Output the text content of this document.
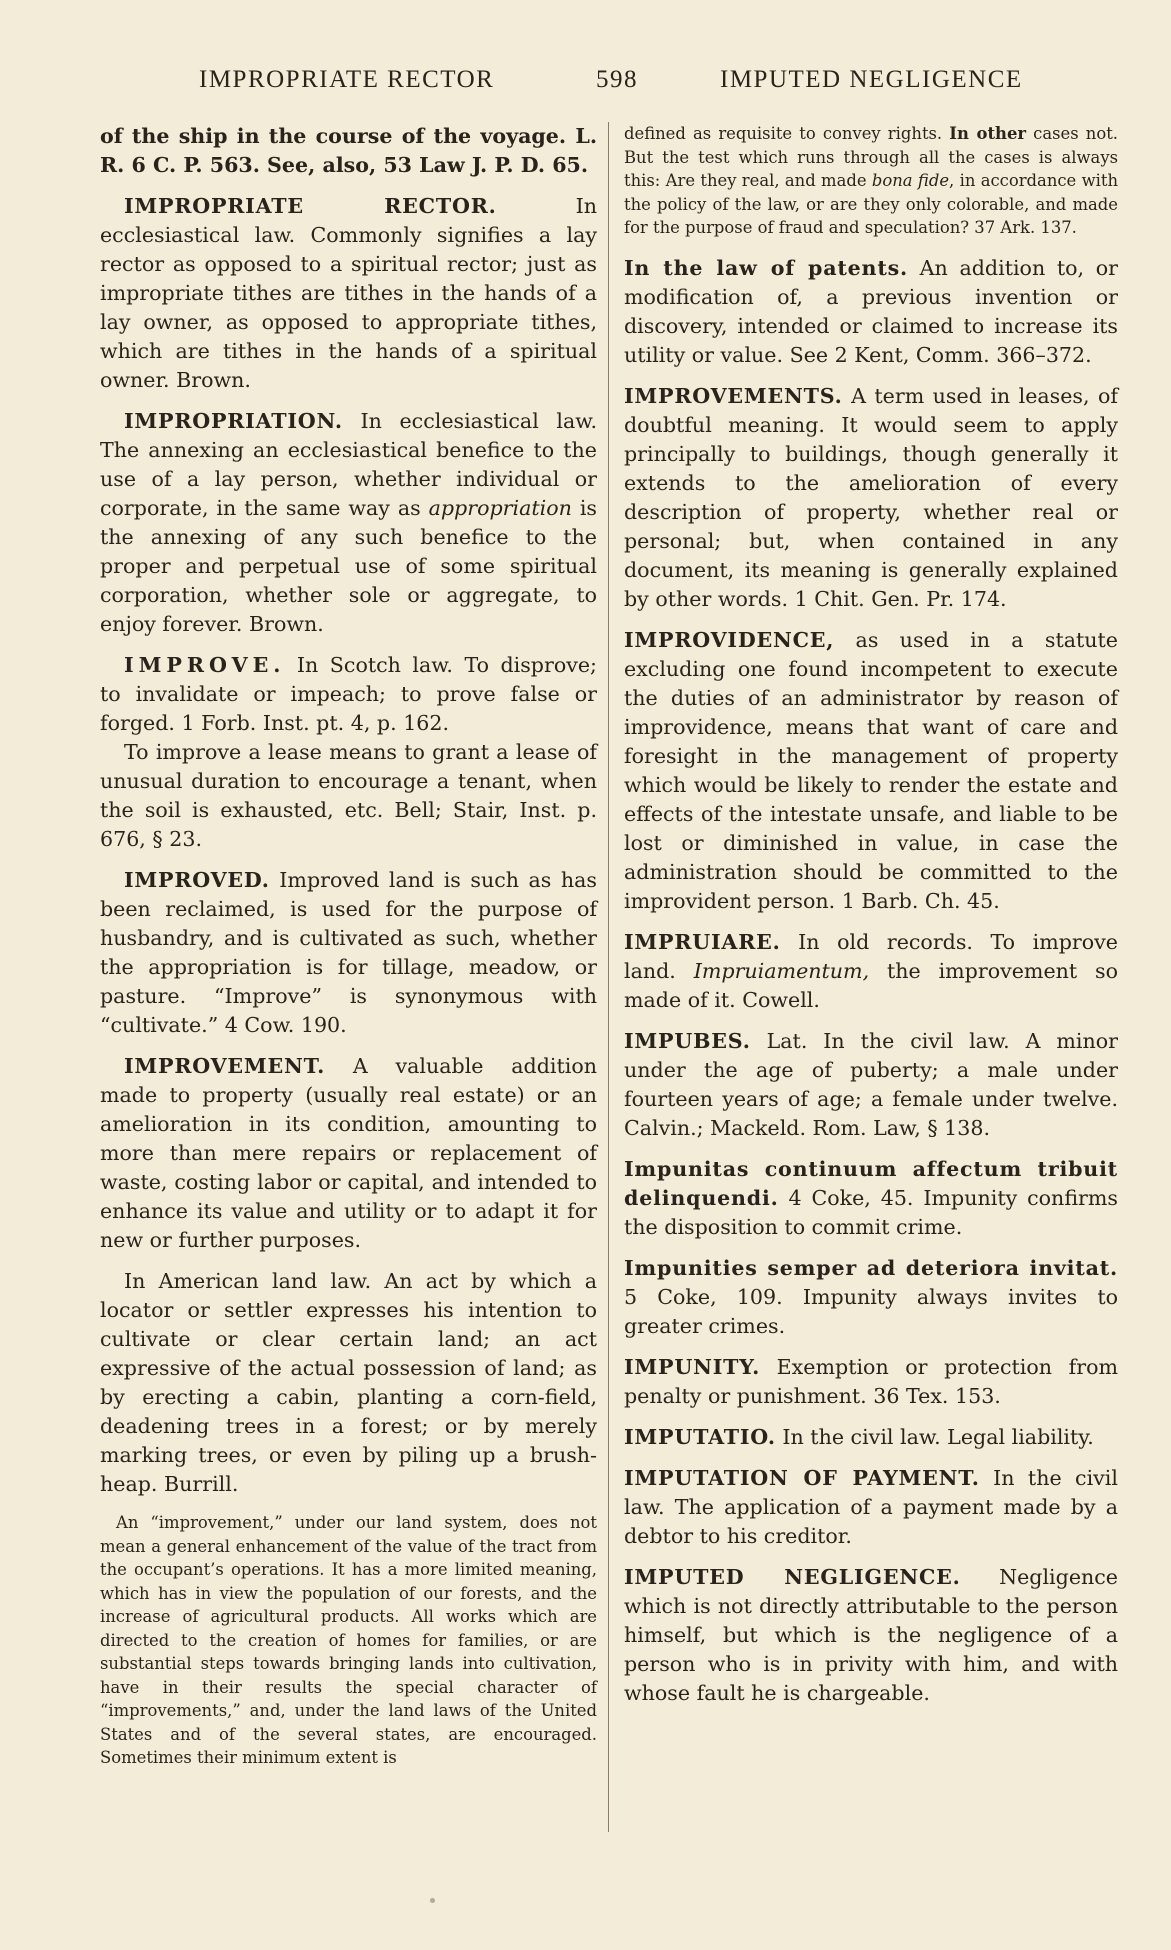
IMPROPRIATE RECTOR	598	IMPUTED NEGLIGENCE

of the ship in the course of the voyage. L. R. 6 C. P. 563. See, also, 53 Law J. P. D. 65.

IMPROPRIATE RECTOR. In ecclesiastical law. Commonly signifies a lay rector as opposed to a spiritual rector; just as impropriate tithes are tithes in the hands of a lay owner, as opposed to appropriate tithes, which are tithes in the hands of a spiritual owner. Brown.

IMPROPRIATION. In ecclesiastical law. The annexing an ecclesiastical benefice to the use of a lay person, whether individual or corporate, in the same way as appropriation is the annexing of any such benefice to the proper and perpetual use of some spiritual corporation, whether sole or aggregate, to enjoy forever. Brown.

IMPROVE. In Scotch law. To disprove; to invalidate or impeach; to prove false or forged. 1 Forb. Inst. pt. 4, p. 162.

To improve a lease means to grant a lease of unusual duration to encourage a tenant, when the soil is exhausted, etc. Bell; Stair, Inst. p. 676, § 23.

IMPROVED. Improved land is such as has been reclaimed, is used for the purpose of husbandry, and is cultivated as such, whether the appropriation is for tillage, meadow, or pasture. “Improve” is synonymous with “cultivate.” 4 Cow. 190.

IMPROVEMENT. A valuable addition made to property (usually real estate) or an amelioration in its condition, amounting to more than mere repairs or replacement of waste, costing labor or capital, and intended to enhance its value and utility or to adapt it for new or further purposes.

In American land law. An act by which a locator or settler expresses his intention to cultivate or clear certain land; an act expressive of the actual possession of land; as by erecting a cabin, planting a corn-field, deadening trees in a forest; or by merely marking trees, or even by piling up a brush-heap. Burrill.

An “improvement,” under our land system, does not mean a general enhancement of the value of the tract from the occupant’s operations. It has a more limited meaning, which has in view the population of our forests, and the increase of agricultural products. All works which are directed to the creation of homes for families, or are substantial steps towards bringing lands into cultivation, have in their results the special character of “improvements,” and, under the land laws of the United States and of the several states, are encouraged. Sometimes their minimum extent is

defined as requisite to convey rights. In other cases not. But the test which runs through all the cases is always this: Are they real, and made bona fide, in accordance with the policy of the law, or are they only colorable, and made for the purpose of fraud and speculation? 37 Ark. 137.

In the law of patents. An addition to, or modification of, a previous invention or discovery, intended or claimed to increase its utility or value. See 2 Kent, Comm. 366–372.

IMPROVEMENTS. A term used in leases, of doubtful meaning. It would seem to apply principally to buildings, though generally it extends to the amelioration of every description of property, whether real or personal; but, when contained in any document, its meaning is generally explained by other words. 1 Chit. Gen. Pr. 174.

IMPROVIDENCE, as used in a statute excluding one found incompetent to execute the duties of an administrator by reason of improvidence, means that want of care and foresight in the management of property which would be likely to render the estate and effects of the intestate unsafe, and liable to be lost or diminished in value, in case the administration should be committed to the improvident person. 1 Barb. Ch. 45.

IMPRUIARE. In old records. To improve land. Impruiamentum, the improvement so made of it. Cowell.

IMPUBES. Lat. In the civil law. A minor under the age of puberty; a male under fourteen years of age; a female under twelve. Calvin.; Mackeld. Rom. Law, § 138.

Impunitas continuum affectum tribuit delinquendi. 4 Coke, 45. Impunity confirms the disposition to commit crime.

Impunities semper ad deteriora invitat. 5 Coke, 109. Impunity always invites to greater crimes.

IMPUNITY. Exemption or protection from penalty or punishment. 36 Tex. 153.

IMPUTATIO. In the civil law. Legal liability.

IMPUTATION OF PAYMENT. In the civil law. The application of a payment made by a debtor to his creditor.

IMPUTED NEGLIGENCE. Negligence which is not directly attributable to the person himself, but which is the negligence of a person who is in privity with him, and with whose fault he is chargeable.
